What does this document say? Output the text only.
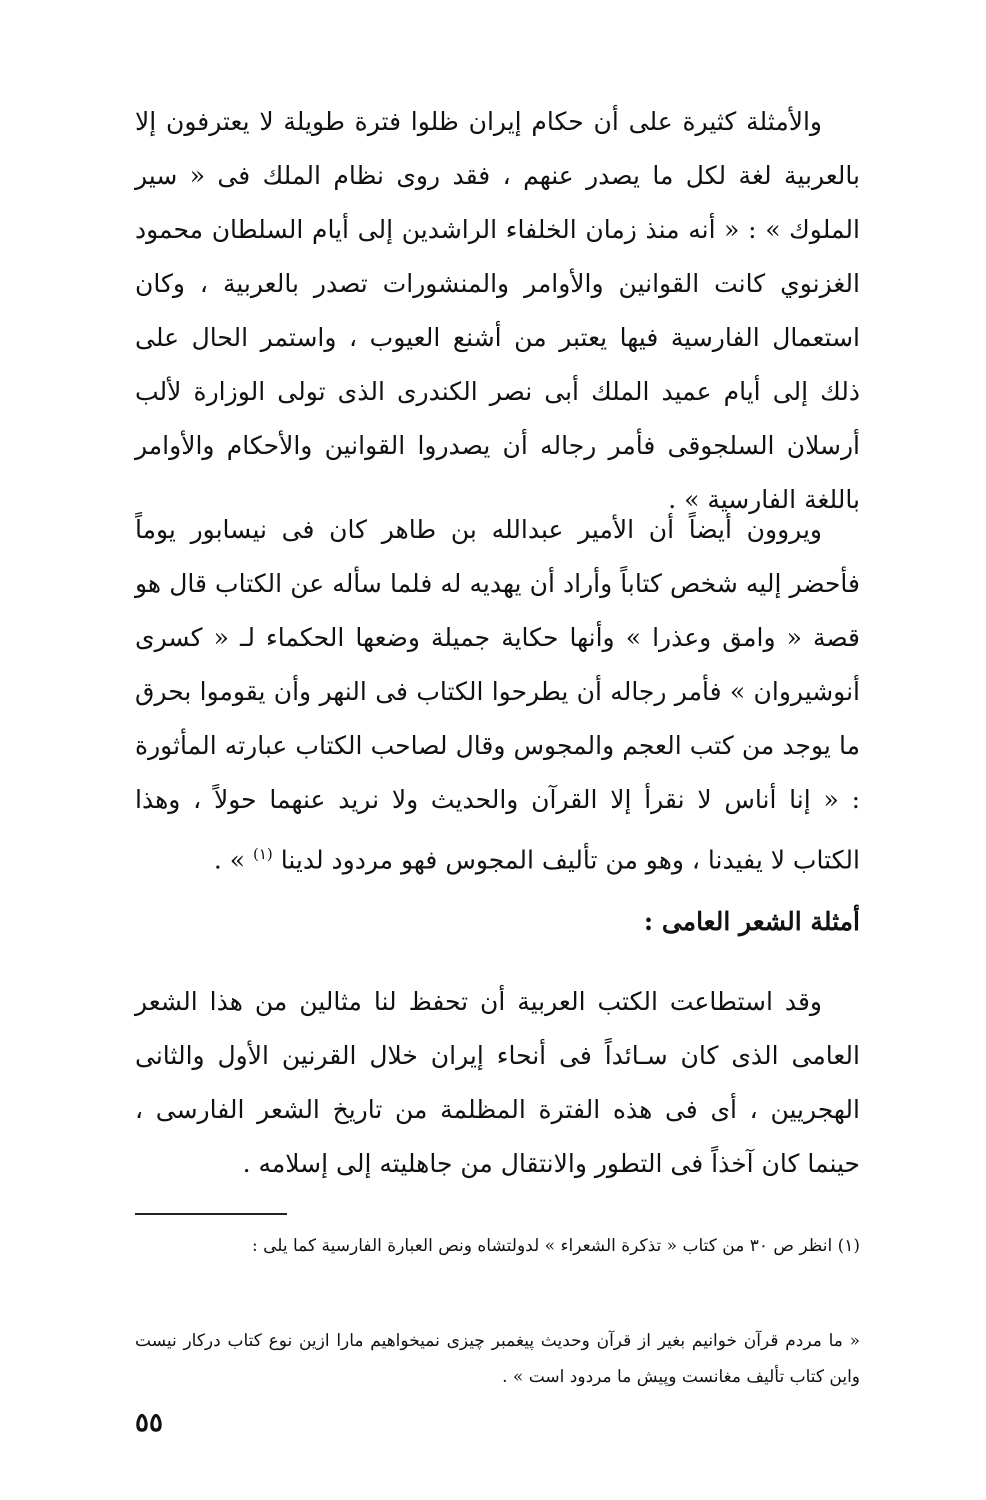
والأمثلة كثيرة على أن حكام إيران ظلوا فترة طويلة لا يعترفون إلا بالعربية لغة لكل ما يصدر عنهم ، فقد روى نظام الملك فى « سير الملوك » : « أنه منذ زمان الخلفاء الراشدين إلى أيام السلطان محمود الغزنوي كانت القوانين والأوامر والمنشورات تصدر بالعربية ، وكان استعمال الفارسية فيها يعتبر من أشنع العيوب ، واستمر الحال على ذلك إلى أيام عميد الملك أبى نصر الكندرى الذى تولى الوزارة لألب أرسلان السلجوقى فأمر رجاله أن يصدروا القوانين والأحكام والأوامر باللغة الفارسية » .

ويروون أيضاً أن الأمير عبدالله بن طاهر كان فى نيسابور يوماً فأحضر إليه شخص كتاباً وأراد أن يهديه له فلما سأله عن الكتاب قال هو قصة « وامق وعذرا » وأنها حكاية جميلة وضعها الحكماء لـ « كسرى أنوشيروان » فأمر رجاله أن يطرحوا الكتاب فى النهر وأن يقوموا بحرق ما يوجد من كتب العجم والمجوس وقال لصاحب الكتاب عبارته المأثورة : « إنا أناس لا نقرأ إلا القرآن والحديث ولا نريد عنهما حولاً ، وهذا الكتاب لا يفيدنا ، وهو من تأليف المجوس فهو مردود لدينا $^{(١)}$ » .

أمثلة الشعر العامى :

وقد استطاعت الكتب العربية أن تحفظ لنا مثالين من هذا الشعر العامى الذى كان سـائداً فى أنحاء إيران خلال القرنين الأول والثانى الهجريين ، أى فى هذه الفترة المظلمة من تاريخ الشعر الفارسى ، حينما كان آخذاً فى التطور والانتقال من جاهليته إلى إسلامه .

(١) انظر ص ٣٠ من كتاب « تذكرة الشعراء » لدولتشاه ونص العبارة الفارسية كما يلى :
« ما مردم قرآن خوانيم بغير از قرآن وحديث پيغمبر چيزى نميخواهيم مارا ازين نوع كتاب دركار نيست واين كتاب تأليف مغانست وپيش ما مردود است » .
٥٥
